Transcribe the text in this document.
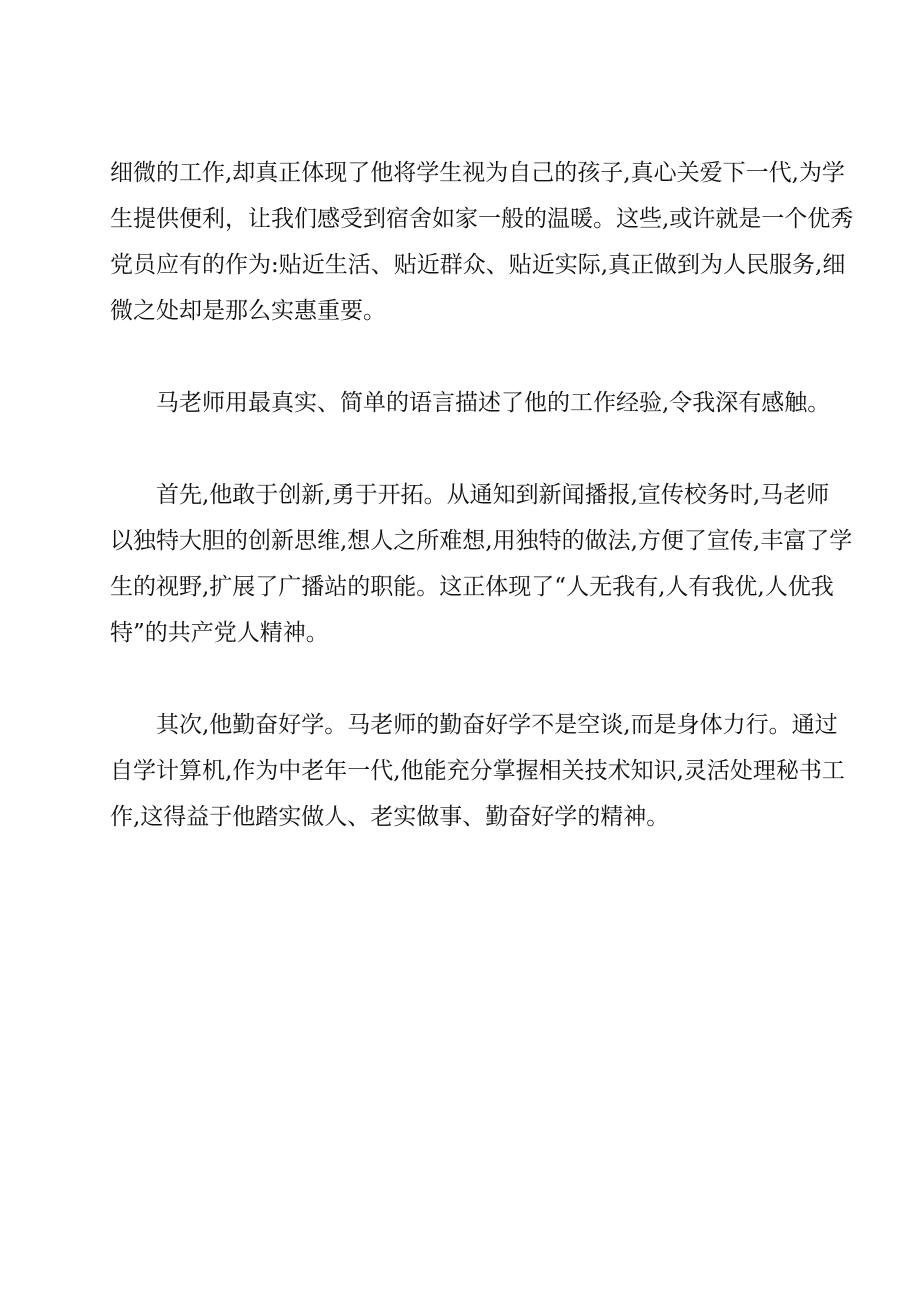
细微的工作,却真正体现了他将学生视为自己的孩子,真心关爱下一代,为学
生提供便利，让我们感受到宿舍如家一般的温暖。这些,或许就是一个优秀
党员应有的作为:贴近生活、贴近群众、贴近实际,真正做到为人民服务,细
微之处却是那么实惠重要。
马老师用最真实、简单的语言描述了他的工作经验,令我深有感触。
首先,他敢于创新,勇于开拓。从通知到新闻播报,宣传校务时,马老师
以独特大胆的创新思维,想人之所难想,用独特的做法,方便了宣传,丰富了学
生的视野,扩展了广播站的职能。这正体现了“人无我有,人有我优,人优我
特”的共产党人精神。
其次,他勤奋好学。马老师的勤奋好学不是空谈,而是身体力行。通过
自学计算机,作为中老年一代,他能充分掌握相关技术知识,灵活处理秘书工
作,这得益于他踏实做人、老实做事、勤奋好学的精神。
